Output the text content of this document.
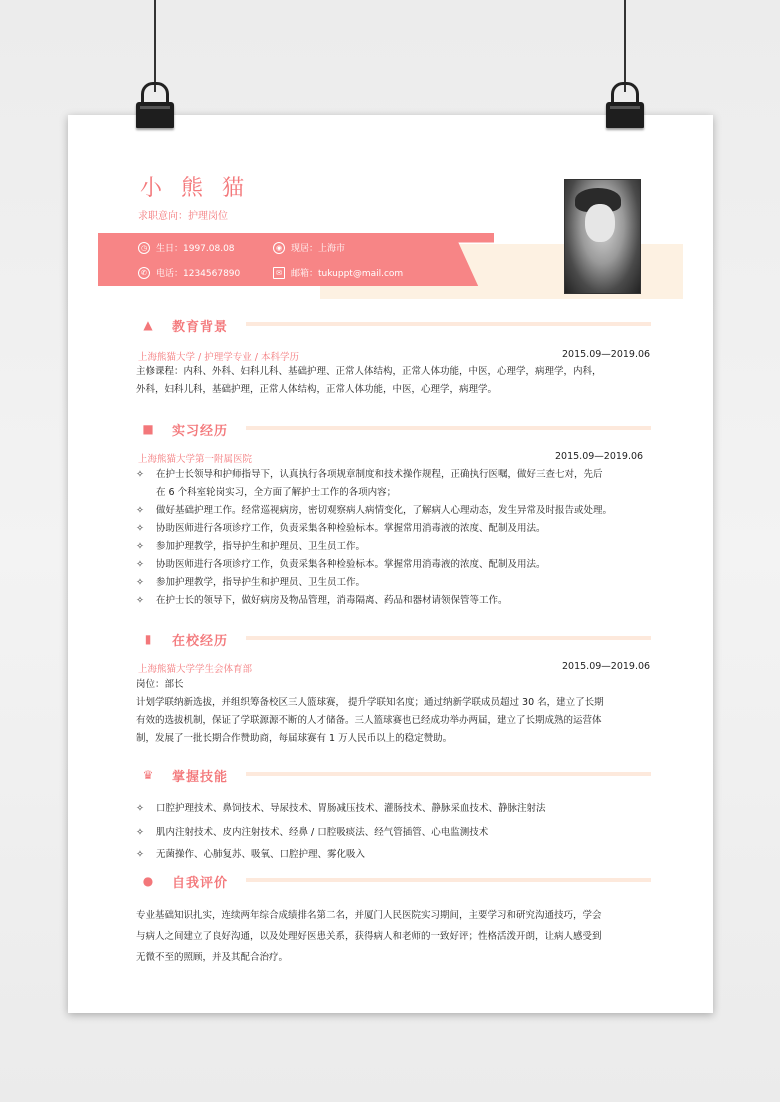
小 熊 猫
求职意向：护理岗位
◷ 生日：1997.08.08	◉ 现居：上海市
✆	电话：1234567890	✉	邮箱：tukuppt@mail.com
▲ 教育背景
上海熊猫大学 / 护理学专业 / 本科学历	2015.09—2019.06
主修课程：内科、外科、妇科儿科、基础护理、正常人体结构，正常人体功能，中医，心理学，病理学，内科，
外科，妇科儿科，基础护理，正常人体结构，正常人体功能，中医，心理学，病理学。
■ 实习经历
上海熊猫大学第一附属医院	2015.09—2019.06
✧ 在护士长领导和护师指导下，认真执行各项规章制度和技术操作规程，正确执行医嘱，做好三查七对，先后
在 6 个科室轮岗实习，全方面了解护士工作的各项内容；
✧ 做好基础护理工作。经常巡视病房，密切观察病人病情变化，了解病人心理动态，发生异常及时报告或处理。
✧ 协助医师进行各项诊疗工作，负责采集各种检验标本。掌握常用消毒液的浓度、配制及用法。
✧ 参加护理教学，指导护生和护理员、卫生员工作。
✧ 协助医师进行各项诊疗工作，负责采集各种检验标本。掌握常用消毒液的浓度、配制及用法。
✧ 参加护理教学，指导护生和护理员、卫生员工作。
✧ 在护士长的领导下，做好病房及物品管理，消毒隔离、药品和器材请领保管等工作。
▮	在校经历
上海熊猫大学学生会体育部	2015.09—2019.06
岗位：部长
计划学联纳新选拔，并组织筹备校区三人篮球赛， 提升学联知名度；通过纳新学联成员超过 30 名，建立了长期
有效的选拔机制，保证了学联源源不断的人才储备。三人篮球赛也已经成功举办两届，建立了长期成熟的运营体
制，发展了一批长期合作赞助商，每届球赛有 1 万人民币以上的稳定赞助。
♛ 掌握技能
✧ 口腔护理技术、鼻饲技术、导尿技术、胃肠减压技术、灌肠技术、静脉采血技术、静脉注射法
✧ 肌内注射技术、皮内注射技术、经鼻 / 口腔吸痰法、经气管插管、心电监测技术
✧ 无菌操作、心肺复苏、吸氧、口腔护理、雾化吸入
● 自我评价
专业基础知识扎实，连续两年综合成绩排名第二名，并厦门人民医院实习期间，主要学习和研究沟通技巧，学会
与病人之间建立了良好沟通，以及处理好医患关系，获得病人和老师的一致好评；性格活泼开朗，让病人感受到
无微不至的照顾，并及其配合治疗。
